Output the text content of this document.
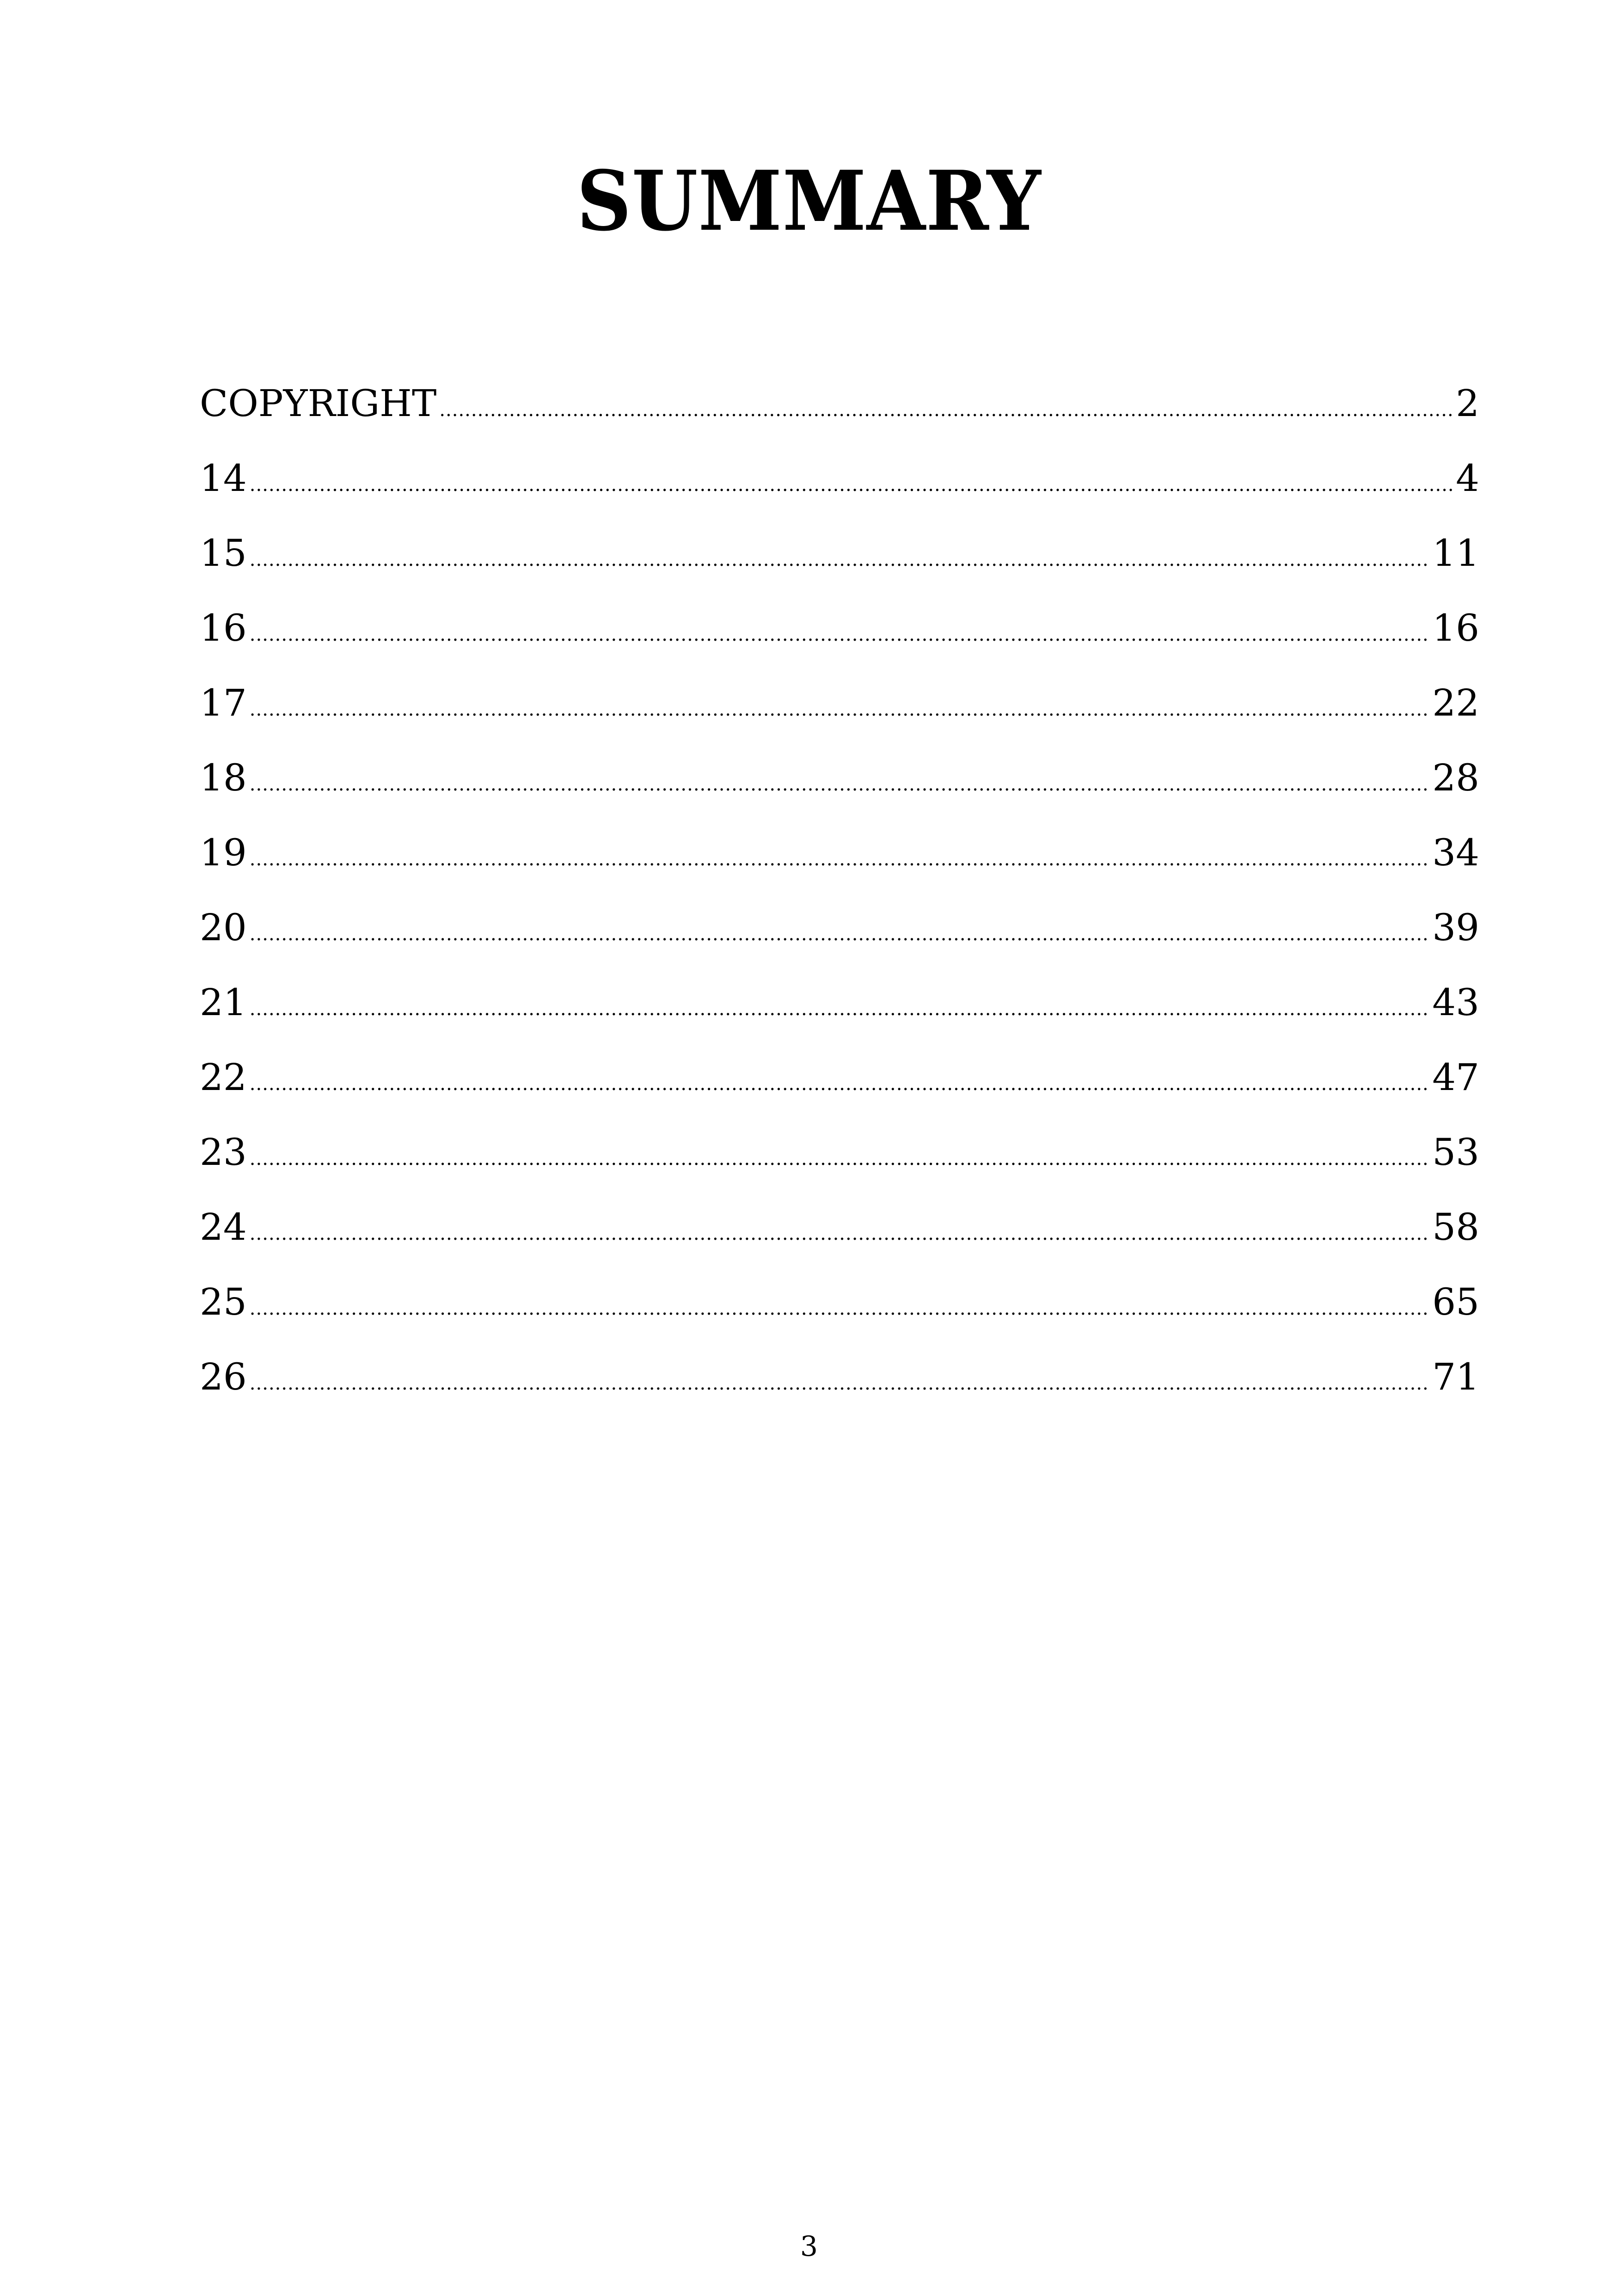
SUMMARY
COPYRIGHT .....	2
14 .....	4
15 .....	11
16 .....	16
17 .....	22
18 .....	28
19 .....	34
20 .....	39
21 .....	43
22 .....	47
23 .....	53
24 .....	58
25 .....	65
26 .....	71
3
